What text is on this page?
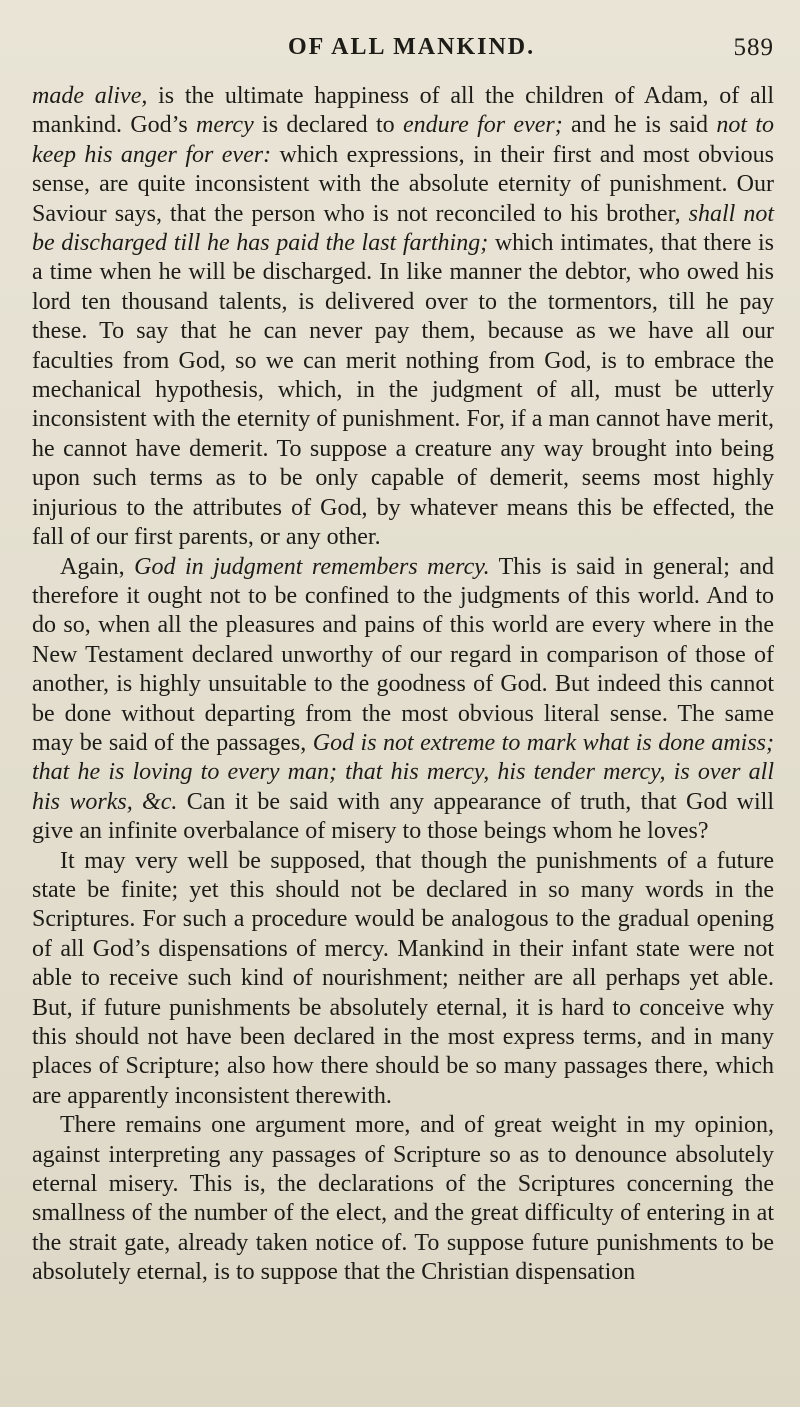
OF ALL MANKIND.	589

made alive, is the ultimate happiness of all the children of Adam, of all mankind. God’s mercy is declared to endure for ever; and he is said not to keep his anger for ever: which expressions, in their first and most obvious sense, are quite inconsistent with the absolute eternity of punishment. Our Saviour says, that the person who is not reconciled to his brother, shall not be discharged till he has paid the last farthing; which intimates, that there is a time when he will be discharged. In like manner the debtor, who owed his lord ten thousand talents, is delivered over to the tormentors, till he pay these. To say that he can never pay them, because as we have all our faculties from God, so we can merit nothing from God, is to embrace the mechanical hypothesis, which, in the judgment of all, must be utterly inconsistent with the eternity of punishment. For, if a man cannot have merit, he cannot have demerit. To suppose a creature any way brought into being upon such terms as to be only capable of demerit, seems most highly injurious to the attributes of God, by whatever means this be effected, the fall of our first parents, or any other.

Again, God in judgment remembers mercy. This is said in general; and therefore it ought not to be confined to the judgments of this world. And to do so, when all the pleasures and pains of this world are every where in the New Testament declared unworthy of our regard in comparison of those of another, is highly unsuitable to the goodness of God. But indeed this cannot be done without departing from the most obvious literal sense. The same may be said of the passages, God is not extreme to mark what is done amiss; that he is loving to every man; that his mercy, his tender mercy, is over all his works, &c. Can it be said with any appearance of truth, that God will give an infinite overbalance of misery to those beings whom he loves?

It may very well be supposed, that though the punishments of a future state be finite; yet this should not be declared in so many words in the Scriptures. For such a procedure would be analogous to the gradual opening of all God’s dispensations of mercy. Mankind in their infant state were not able to receive such kind of nourishment; neither are all perhaps yet able. But, if future punishments be absolutely eternal, it is hard to conceive why this should not have been declared in the most express terms, and in many places of Scripture; also how there should be so many passages there, which are apparently inconsistent therewith.

There remains one argument more, and of great weight in my opinion, against interpreting any passages of Scripture so as to denounce absolutely eternal misery. This is, the declarations of the Scriptures concerning the smallness of the number of the elect, and the great difficulty of entering in at the strait gate, already taken notice of. To suppose future punishments to be absolutely eternal, is to suppose that the Christian dispensation
